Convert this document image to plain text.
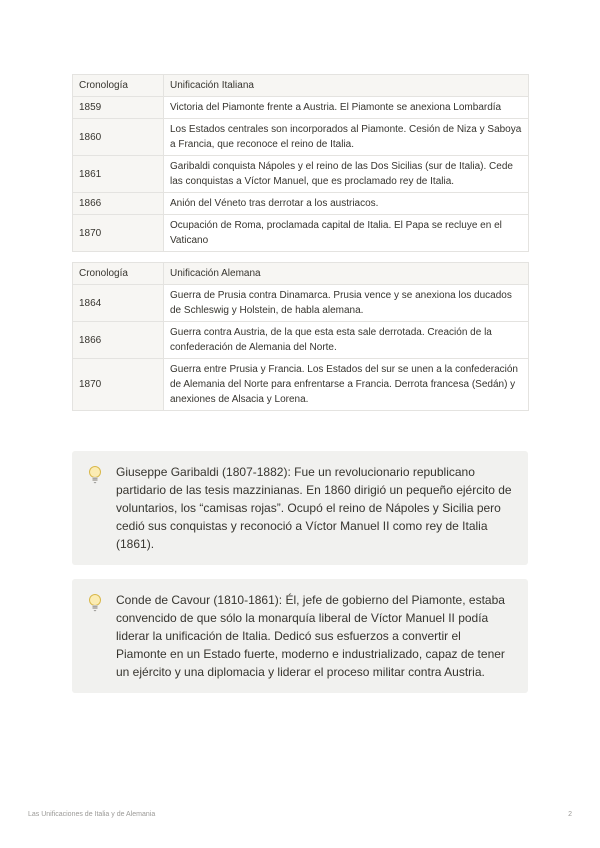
Cronología	Unificación Italiana
1859	Victoria del Piamonte frente a Austria. El Piamonte se anexiona Lombardía
1860	Los Estados centrales son incorporados al Piamonte. Cesión de Niza y Saboya a Francia, que reconoce el reino de Italia.
1861	Garibaldi conquista Nápoles y el reino de las Dos Sicilias (sur de Italia). Cede las conquistas a Víctor Manuel, que es proclamado rey de Italia.
1866	Anión del Véneto tras derrotar a los austriacos.
1870	Ocupación de Roma, proclamada capital de Italia. El Papa se recluye en el Vaticano
Cronología	Unificación Alemana
1864	Guerra de Prusia contra Dinamarca. Prusia vence y se anexiona los ducados de Schleswig y Holstein, de habla alemana.
1866	Guerra contra Austria, de la que esta esta sale derrotada. Creación de la confederación de Alemania del Norte.
1870	Guerra entre Prusia y Francia. Los Estados del sur se unen a la confederación de Alemania del Norte para enfrentarse a Francia. Derrota francesa (Sedán) y anexiones de Alsacia y Lorena.
Giuseppe Garibaldi (1807-1882): Fue un revolucionario republicano partidario de las tesis mazzinianas. En 1860 dirigió un pequeño ejército de voluntarios, los “camisas rojas”. Ocupó el reino de Nápoles y Sicilia pero cedió sus conquistas y reconoció a Víctor Manuel II como rey de Italia (1861).
Conde de Cavour (1810-1861): Él, jefe de gobierno del Piamonte, estaba convencido de que sólo la monarquía liberal de Víctor Manuel II podía liderar la unificación de Italia. Dedicó sus esfuerzos a convertir el Piamonte en un Estado fuerte, moderno e industrializado, capaz de tener un ejército y una diplomacia y liderar el proceso militar contra Austria.
Las Unificaciones de Italia y de Alemania	2
